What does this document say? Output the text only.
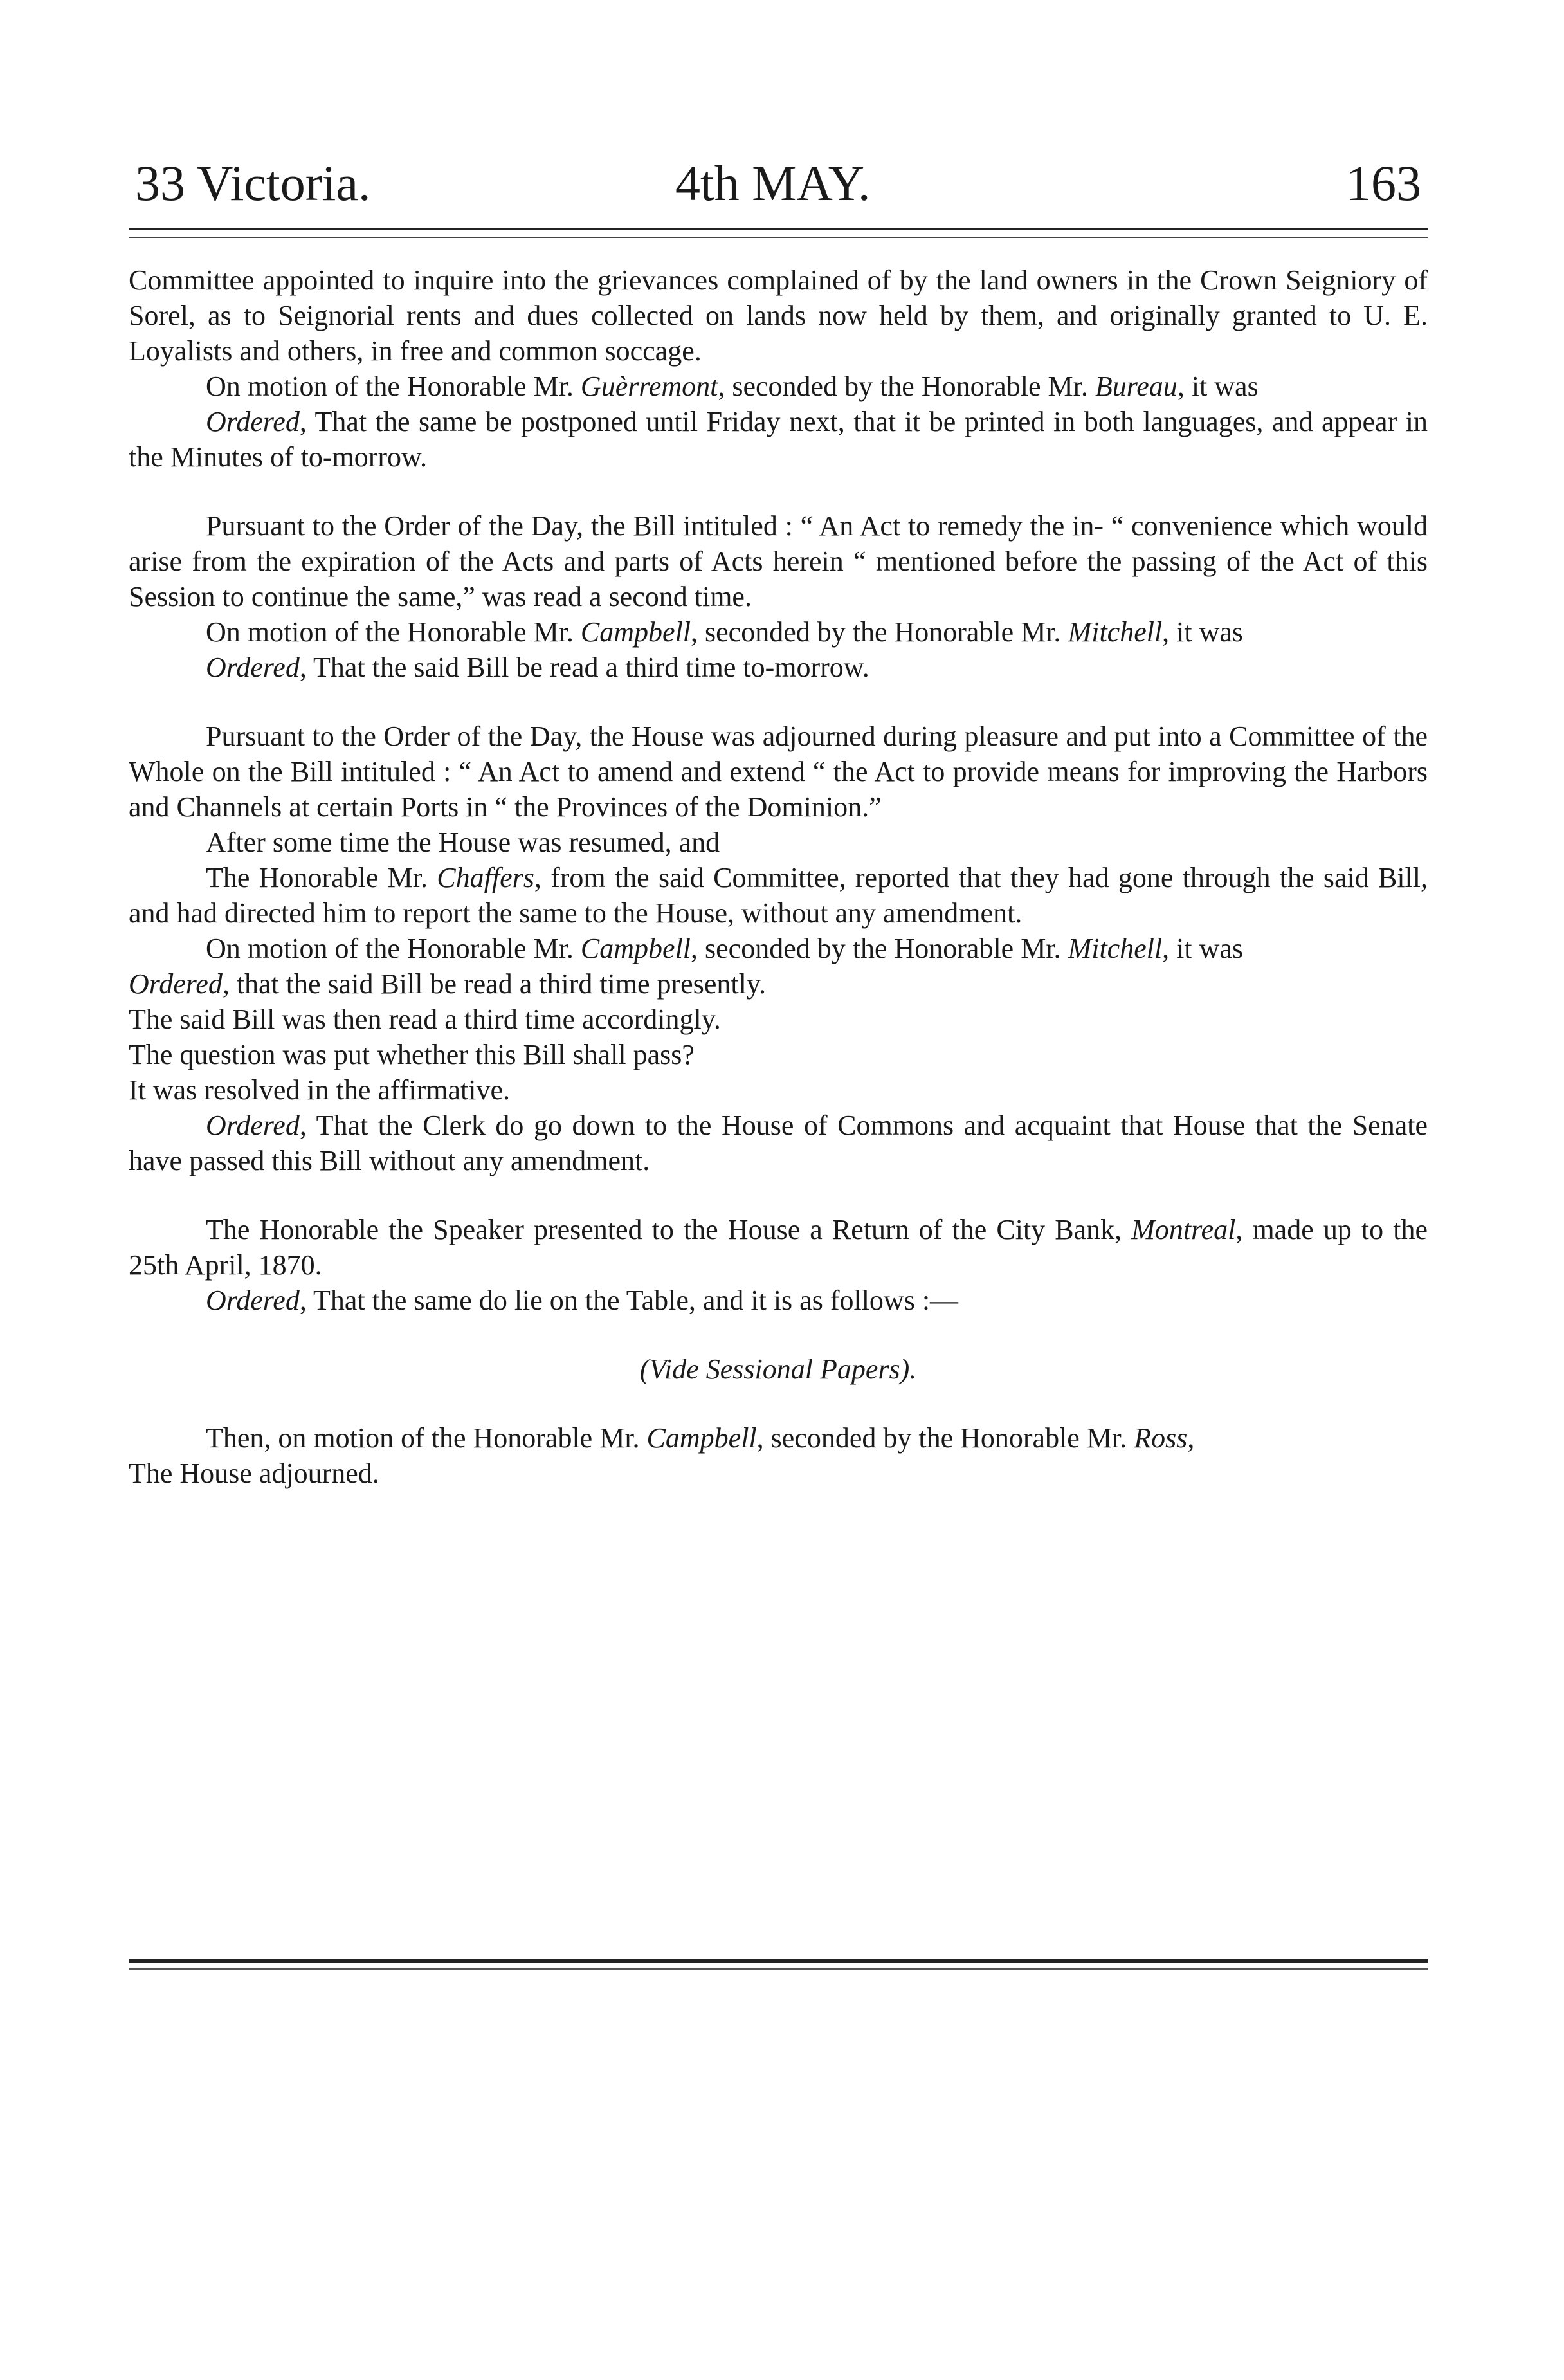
33 Victoria.	4th MAY.	163

Committee appointed to inquire into the grievances complained of by the land owners in the Crown Seigniory of Sorel, as to Seignorial rents and dues collected on lands now held by them, and originally granted to U. E. Loyalists and others, in free and common soccage.

On motion of the Honorable Mr. Guèrremont, seconded by the Honorable Mr. Bureau, it was

Ordered, That the same be postponed until Friday next, that it be printed in both languages, and appear in the Minutes of to-morrow.

Pursuant to the Order of the Day, the Bill intituled : “ An Act to remedy the in- “ convenience which would arise from the expiration of the Acts and parts of Acts herein “ mentioned before the passing of the Act of this Session to continue the same,” was read a second time.

On motion of the Honorable Mr. Campbell, seconded by the Honorable Mr. Mitchell, it was

Ordered, That the said Bill be read a third time to-morrow.

Pursuant to the Order of the Day, the House was adjourned during pleasure and put into a Committee of the Whole on the Bill intituled : “ An Act to amend and extend “ the Act to provide means for improving the Harbors and Channels at certain Ports in “ the Provinces of the Dominion.”

After some time the House was resumed, and

The Honorable Mr. Chaffers, from the said Committee, reported that they had gone through the said Bill, and had directed him to report the same to the House, without any amendment.

On motion of the Honorable Mr. Campbell, seconded by the Honorable Mr. Mitchell, it was

Ordered, that the said Bill be read a third time presently.

The said Bill was then read a third time accordingly.

The question was put whether this Bill shall pass?

It was resolved in the affirmative.

Ordered, That the Clerk do go down to the House of Commons and acquaint that House that the Senate have passed this Bill without any amendment.

The Honorable the Speaker presented to the House a Return of the City Bank, Montreal, made up to the 25th April, 1870.

Ordered, That the same do lie on the Table, and it is as follows :—

(Vide Sessional Papers).

Then, on motion of the Honorable Mr. Campbell, seconded by the Honorable Mr. Ross,

The House adjourned.
